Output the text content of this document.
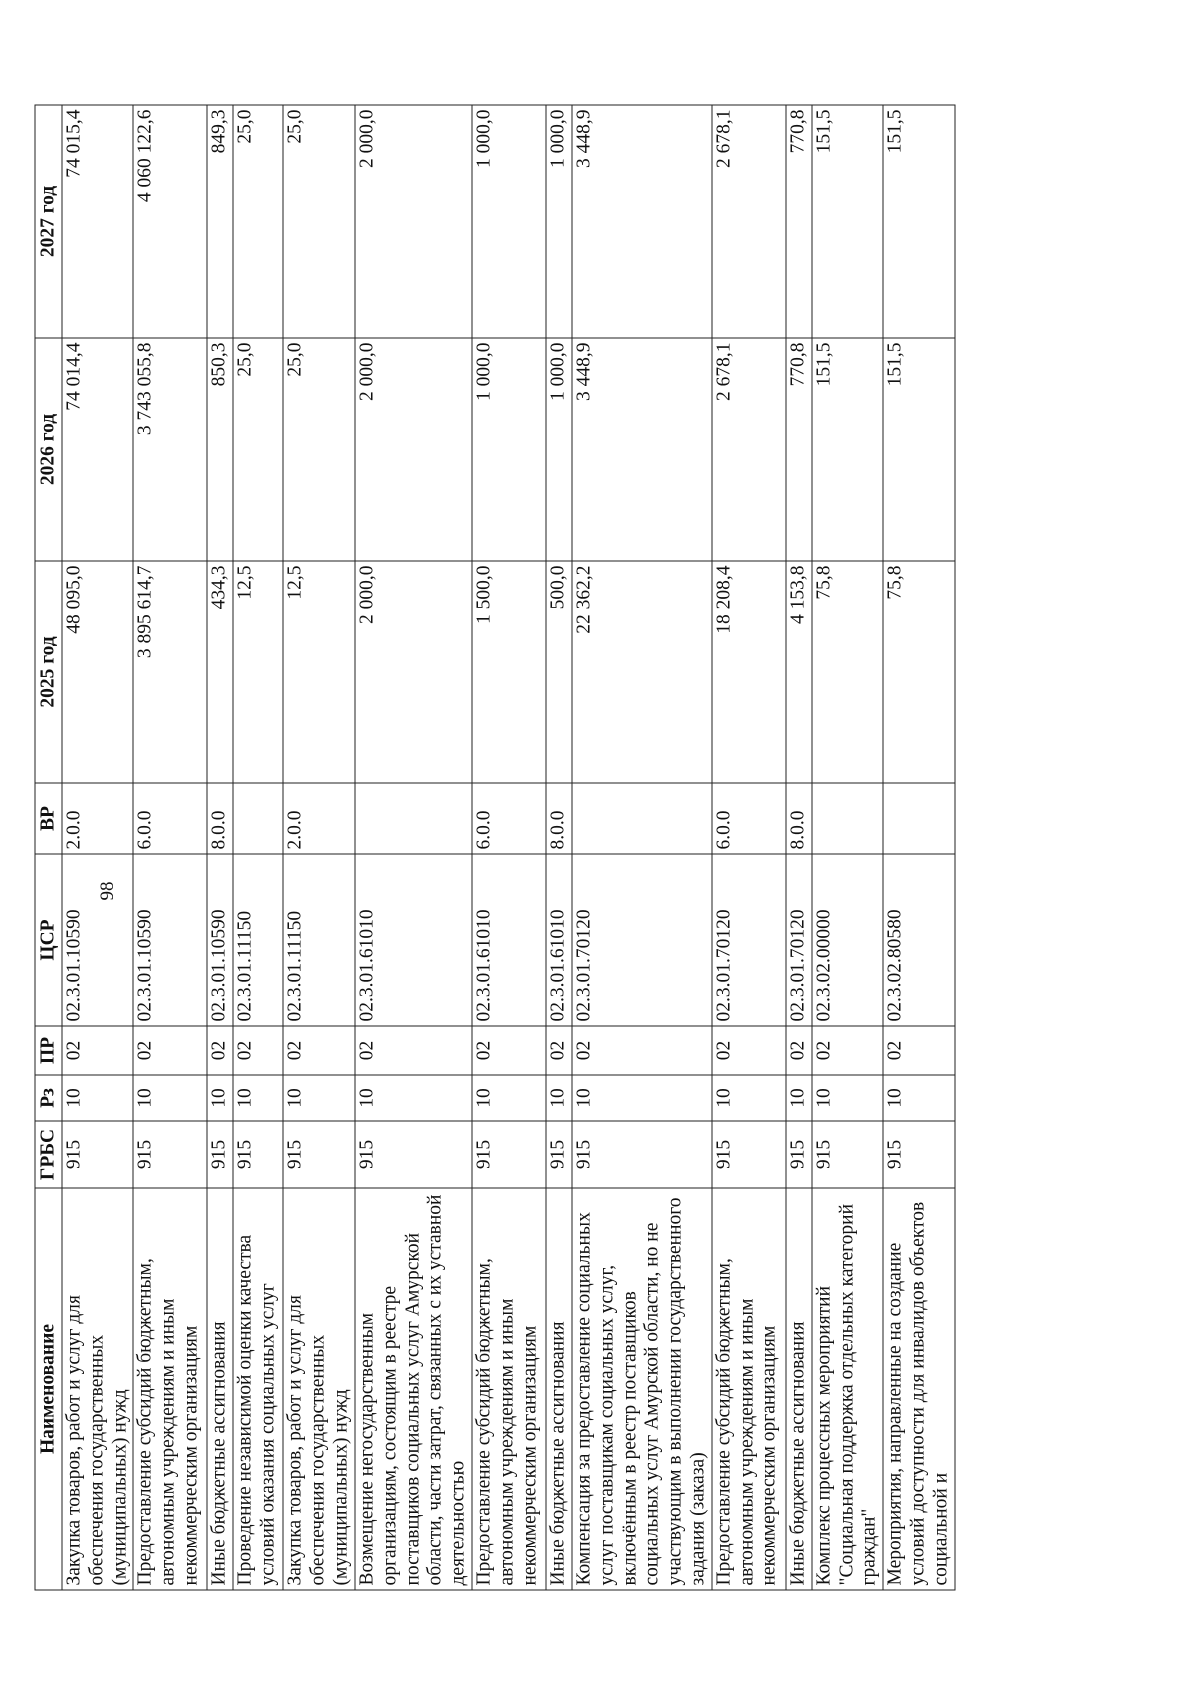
98
Наименование	ГРБС	Рз	ПР	ЦСР	ВР	2025 год	2026 год	2027 год
Закупка товаров, работ и услуг для обеспечения государственных (муниципальных) нужд	915	10	02	02.3.01.10590	2.0.0	48 095,0	74 014,4	74 015,4
Предоставление субсидий бюджетным, автономным учреждениям и иным некоммерческим организациям	915	10	02	02.3.01.10590	6.0.0	3 895 614,7	3 743 055,8	4 060 122,6
Иные бюджетные ассигнования	915	10	02	02.3.01.10590	8.0.0	434,3	850,3	849,3
Проведение независимой оценки качества условий оказания социальных услуг	915	10	02	02.3.01.11150		12,5	25,0	25,0
Закупка товаров, работ и услуг для обеспечения государственных (муниципальных) нужд	915	10	02	02.3.01.11150	2.0.0	12,5	25,0	25,0
Возмещение негосударственным организациям, состоящим в реестре поставщиков социальных услуг Амурской области, части затрат, связанных с их уставной деятельностью	915	10	02	02.3.01.61010		2 000,0	2 000,0	2 000,0
Предоставление субсидий бюджетным, автономным учреждениям и иным некоммерческим организациям	915	10	02	02.3.01.61010	6.0.0	1 500,0	1 000,0	1 000,0
Иные бюджетные ассигнования	915	10	02	02.3.01.61010	8.0.0	500,0	1 000,0	1 000,0
Компенсация за предоставление социальных услуг поставщикам социальных услуг, включённым в реестр поставщиков социальных услуг Амурской области, но не участвующим в выполнении государственного задания (заказа)	915	10	02	02.3.01.70120		22 362,2	3 448,9	3 448,9
Предоставление субсидий бюджетным, автономным учреждениям и иным некоммерческим организациям	915	10	02	02.3.01.70120	6.0.0	18 208,4	2 678,1	2 678,1
Иные бюджетные ассигнования	915	10	02	02.3.01.70120	8.0.0	4 153,8	770,8	770,8
Комплекс процессных мероприятий "Социальная поддержка отдельных категорий граждан"	915	10	02	02.3.02.00000		75,8	151,5	151,5
Мероприятия, направленные на создание условий доступности для инвалидов объектов социальной и	915	10	02	02.3.02.80580		75,8	151,5	151,5
